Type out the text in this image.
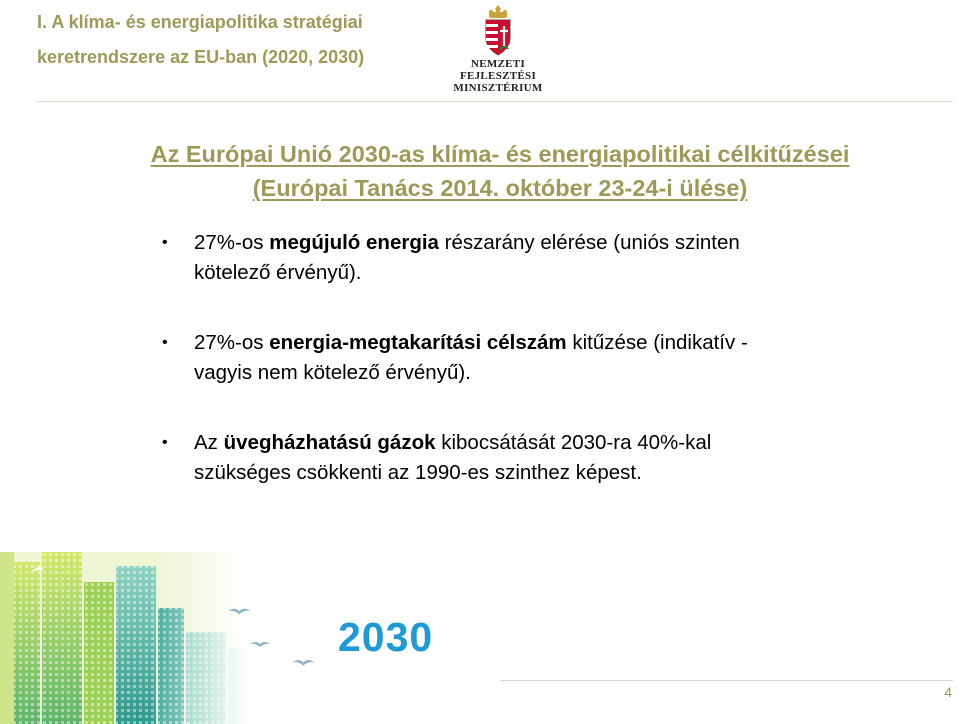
I. A klíma- és energiapolitika stratégiai
keretrendszere az EU-ban (2020, 2030)	NEMZETI FEJLESZTÉSI
MINISZTÉRIUM
Az Európai Unió 2030-as klíma- és energiapolitikai célkitűzései
(Európai Tanács 2014. október 23-24-i ülése)
• 27%-os megújuló energia részarány elérése (uniós szinten
kötelező érvényű).
• 27%-os energia-megtakarítási célszám kitűzése (indikatív -
vagyis nem kötelező érvényű).
• Az üvegházhatású gázok kibocsátását 2030-ra 40%-kal
szükséges csökkenti az 1990-es szinthez képest.
2030
4
